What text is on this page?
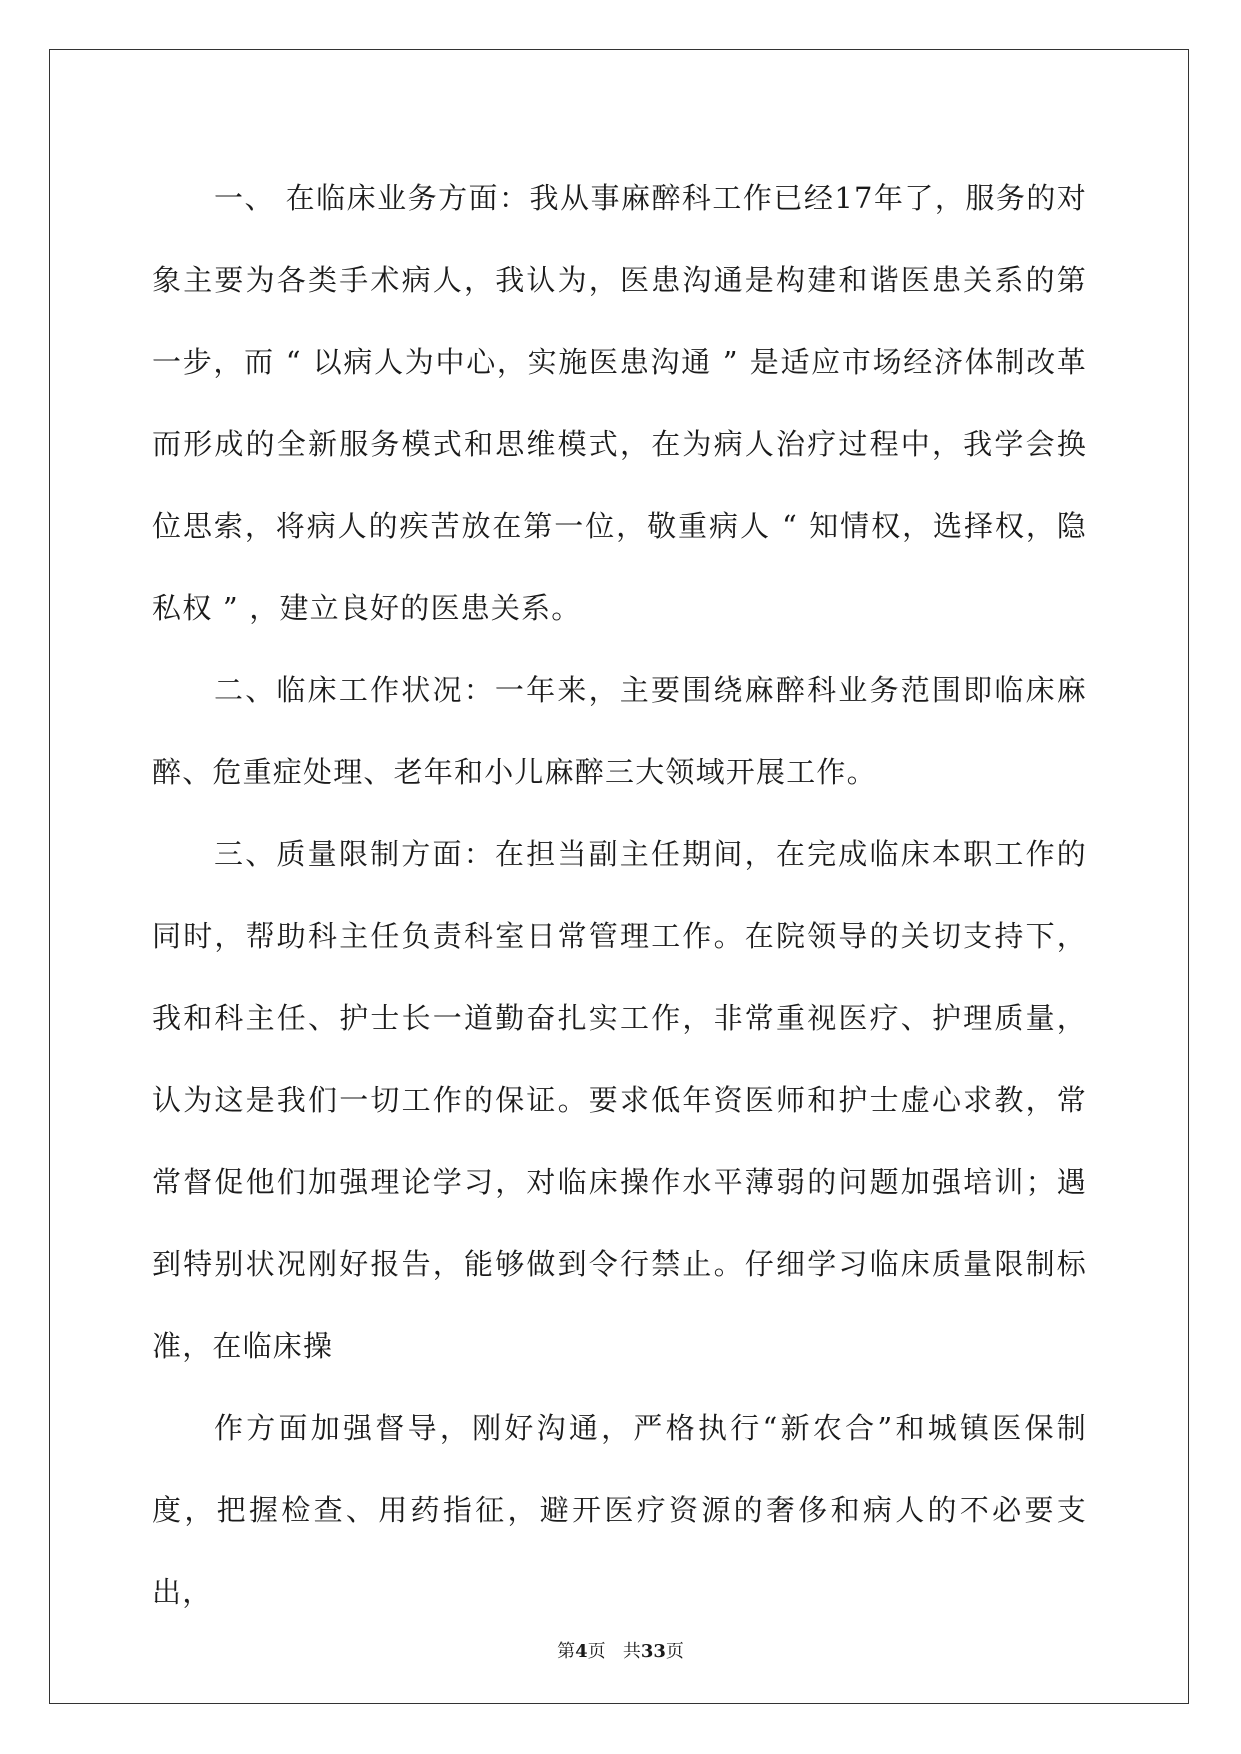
一、 在临床业务方面：我从事麻醉科工作已经17年了，服务的对象主要为各类手术病人，我认为，医患沟通是构建和谐医患关系的第一步，而 “ 以病人为中心，实施医患沟通 ” 是适应市场经济体制改革而形成的全新服务模式和思维模式，在为病人治疗过程中，我学会换位思索，将病人的疾苦放在第一位，敬重病人 “ 知情权，选择权，隐私权 ” ，建立良好的医患关系。

二、临床工作状况：一年来，主要围绕麻醉科业务范围即临床麻醉、危重症处理、老年和小儿麻醉三大领域开展工作。

三、质量限制方面：在担当副主任期间，在完成临床本职工作的同时，帮助科主任负责科室日常管理工作。在院领导的关切支持下，我和科主任、护士长一道勤奋扎实工作，非常重视医疗、护理质量，认为这是我们一切工作的保证。要求低年资医师和护士虚心求教，常常督促他们加强理论学习，对临床操作水平薄弱的问题加强培训；遇到特别状况刚好报告，能够做到令行禁止。仔细学习临床质量限制标准，在临床操

作方面加强督导，刚好沟通，严格执行“新农合”和城镇医保制度，把握检查、用药指征，避开医疗资源的奢侈和病人的不必要支出，

第4页 共33页
